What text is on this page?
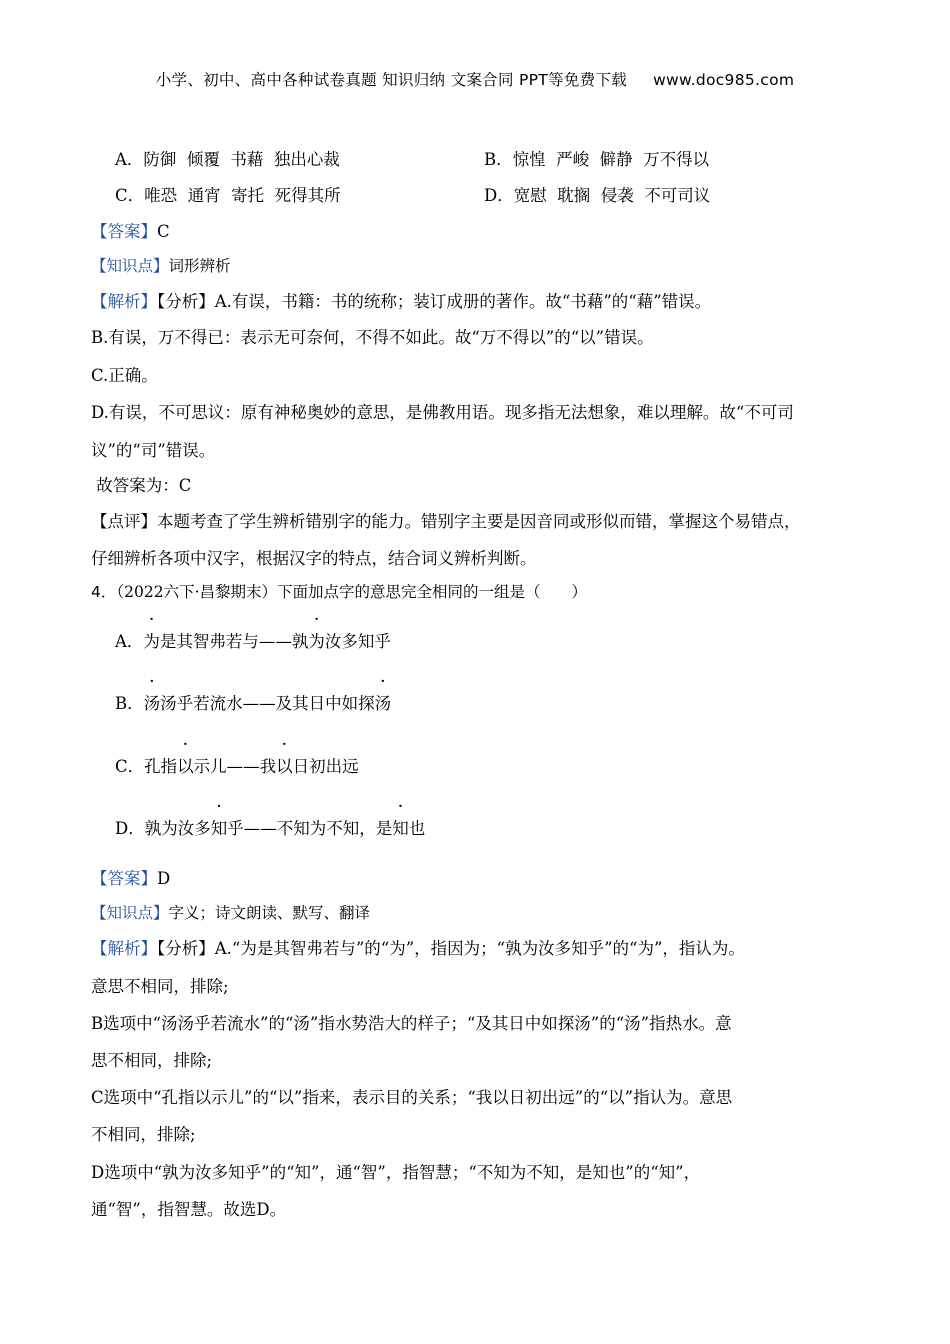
小学、初中、高中各种试卷真题 知识归纳 文案合同 PPT等免费下载 www.doc985.com
A．防御  倾覆  书藉  独出心裁	B．惊惶  严峻  僻静  万不得以
C．唯恐  通宵  寄托  死得其所	D．宽慰  耽搁  侵袭  不可司议
【答案】C
【知识点】词形辨析
【解析】【分析】A.有误，书籍：书的统称；装订成册的著作。故“书藉”的“藉”错误。
B.有误，万不得已：表示无可奈何，不得不如此。故“万不得以”的“以”错误。
C.正确。
D.有误，不可思议：原有神秘奥妙的意思，是佛教用语。现多指无法想象，难以理解。故“不可司
议”的“司”错误。
故答案为：C
【点评】本题考查了学生辨析错别字的能力。错别字主要是因音同或形似而错，掌握这个易错点，
仔细辨析各项中汉字，根据汉字的特点，结合词义辨析判断。
4．（2022六下·昌黎期末）下面加点字的意思完全相同的一组是（　　）
A．为是其智弗若与——孰为汝多知乎
B．汤汤乎若流水——及其日中如探汤
C．孔指以示儿——我以日初出远
D．孰为汝多知乎——不知为不知，是知也
【答案】D
【知识点】字义；诗文朗读、默写、翻译
【解析】【分析】A.“为是其智弗若与”的“为”，指因为；“孰为汝多知乎”的“为”，指认为。
意思不相同，排除;
B选项中“汤汤乎若流水”的“汤”指水势浩大的样子；“及其日中如探汤”的“汤”指热水。意
思不相同，排除;
C选项中“孔指以示儿”的“以”指来，表示目的关系；“我以日初出远”的“以”指认为。意思
不相同，排除;
D选项中“孰为汝多知乎”的“知”，通“智”，指智慧；“不知为不知，是知也”的“知”，
通“智”，指智慧。故选D。
